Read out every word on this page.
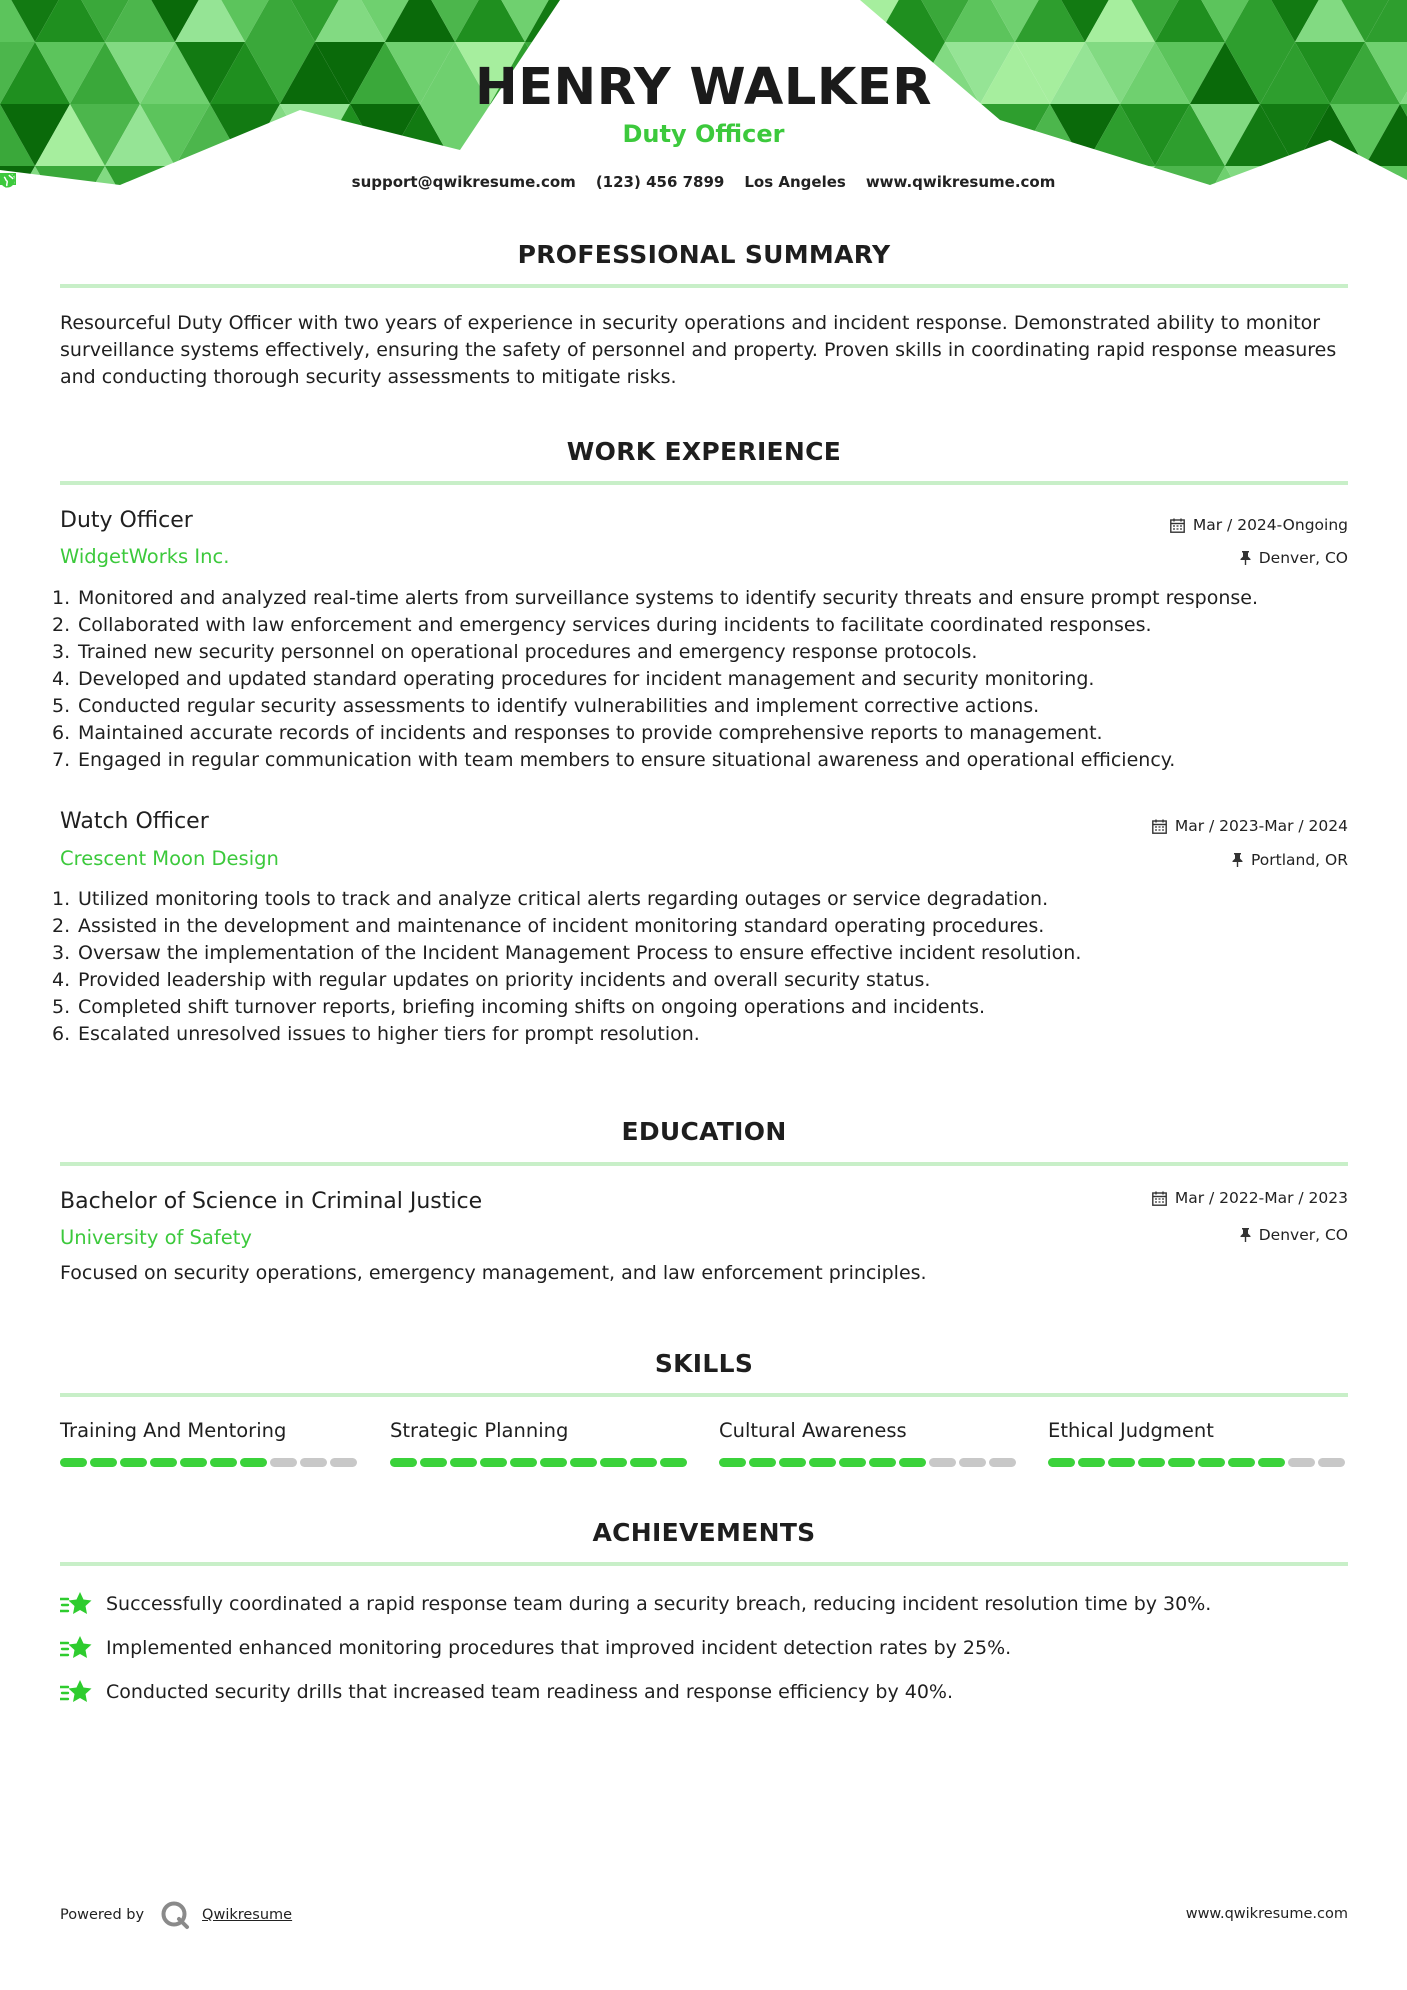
HENRY WALKER
Duty Officer
support@qwikresume.com (123) 456 7899 Los Angeles www.qwikresume.com
PROFESSIONAL SUMMARY
Resourceful Duty Officer with two years of experience in security operations and incident response. Demonstrated ability to monitor surveillance systems effectively, ensuring the safety of personnel and property. Proven skills in coordinating rapid response measures and conducting thorough security assessments to mitigate risks.
WORK EXPERIENCE
Duty Officer	Mar / 2024-Ongoing
WidgetWorks Inc.	Denver, CO
1. Monitored and analyzed real-time alerts from surveillance systems to identify security threats and ensure prompt response.
2. Collaborated with law enforcement and emergency services during incidents to facilitate coordinated responses.
3. Trained new security personnel on operational procedures and emergency response protocols.
4. Developed and updated standard operating procedures for incident management and security monitoring.
5. Conducted regular security assessments to identify vulnerabilities and implement corrective actions.
6. Maintained accurate records of incidents and responses to provide comprehensive reports to management.
7. Engaged in regular communication with team members to ensure situational awareness and operational efficiency.
Watch Officer	Mar / 2023-Mar / 2024
Crescent Moon Design	Portland, OR
1. Utilized monitoring tools to track and analyze critical alerts regarding outages or service degradation.
2. Assisted in the development and maintenance of incident monitoring standard operating procedures.
3. Oversaw the implementation of the Incident Management Process to ensure effective incident resolution.
4. Provided leadership with regular updates on priority incidents and overall security status.
5. Completed shift turnover reports, briefing incoming shifts on ongoing operations and incidents.
6. Escalated unresolved issues to higher tiers for prompt resolution.
EDUCATION
Bachelor of Science in Criminal Justice	Mar / 2022-Mar / 2023
University of Safety	Denver, CO
Focused on security operations, emergency management, and law enforcement principles.
SKILLS
Training And Mentoring	Strategic Planning	Cultural Awareness	Ethical Judgment
ACHIEVEMENTS
Successfully coordinated a rapid response team during a security breach, reducing incident resolution time by 30%.
Implemented enhanced monitoring procedures that improved incident detection rates by 25%.
Conducted security drills that increased team readiness and response efficiency by 40%.
Powered by	Qwikresume	www.qwikresume.com
